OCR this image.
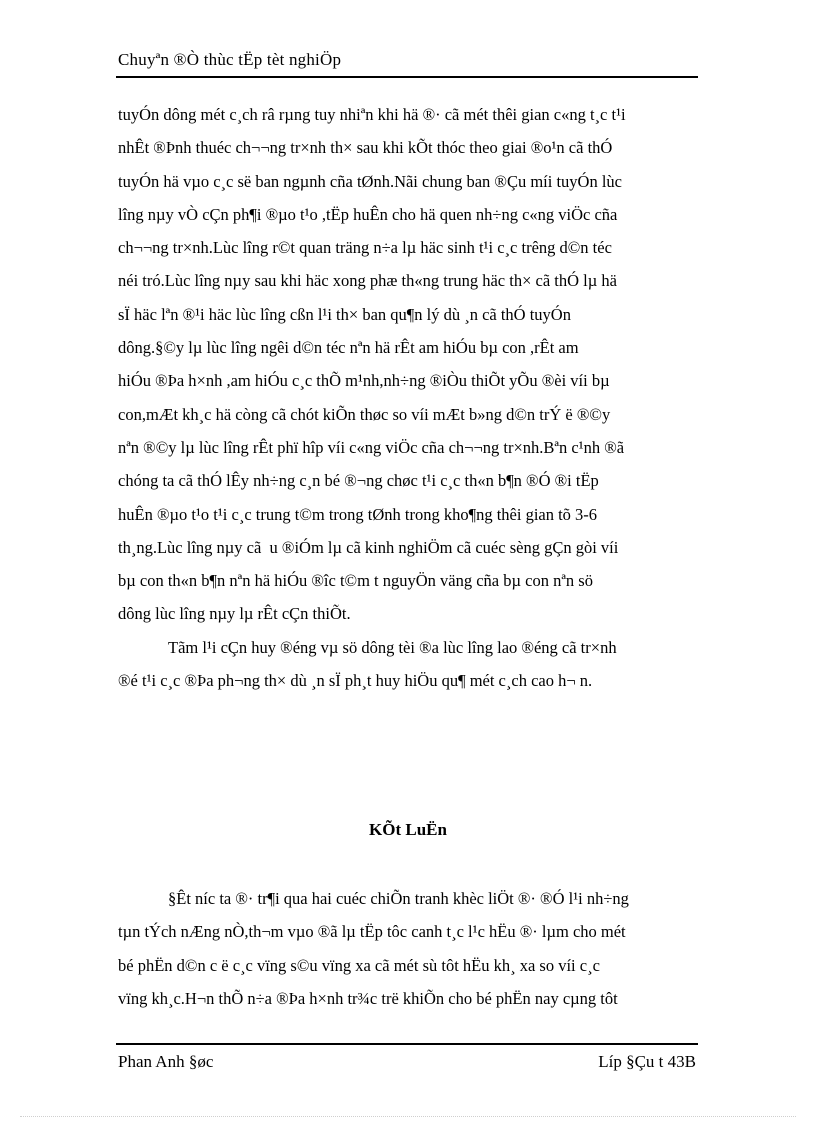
Chuyªn ®Ò thùc tËp tèt nghiÖp
tuyÓn dông mét c¸ch râ rµng tuy nhiªn khi hä ®· cã mét thêi gian c«ng t¸c t¹i
nhÊt ®Þnh thuéc ch¬¬ng tr×nh th× sau khi kÕt thóc theo giai ®o¹n cã thÓ
tuyÓn hä vµo c¸c së ban ngµnh cña tØnh.Nãi chung ban ®Çu míi tuyÓn lùc
lîng nµy vÒ cÇn ph¶i ®µo t¹o ,tËp huÊn cho hä quen nh÷ng c«ng viÖc cña
ch¬¬ng tr×nh.Lùc lîng r©t quan träng n÷a lµ häc sinh t¹i c¸c trêng d©n téc
néi tró.Lùc lîng nµy sau khi häc xong phæ th«ng trung häc th× cã thÓ lµ hä
sÏ häc lªn ®¹i häc lùc lîng cßn l¹i th× ban qu¶n lý dù ¸n cã thÓ tuyÓn
dông.§©y lµ lùc lîng ngêi d©n téc nªn hä rÊt am hiÓu bµ con ,rÊt am
hiÓu ®Þa h×nh ,am hiÓu c¸c thÕ m¹nh,nh÷ng ®iÒu thiÕt yÕu ®èi víi bµ
con,mÆt kh¸c hä còng cã chót kiÕn thøc so víi mÆt b»ng d©n trÝ ë ®©y
nªn ®©y lµ lùc lîng rÊt phï hîp víi c«ng viÖc cña ch¬¬ng tr×nh.Bªn c¹nh ®ã
chóng ta cã thÓ lÊy nh÷ng c¸n bé ®¬ng chøc t¹i c¸c th«n b¶n ®Ó ®i tËp
huÊn ®µo t¹o t¹i c¸c trung t©m trong tØnh trong kho¶ng thêi gian tõ 3-6
th¸ng.Lùc lîng nµy cã u ®iÓm lµ cã kinh nghiÖm cã cuéc sèng gÇn gòi víi
bµ con th«n b¶n nªn hä hiÓu ®îc t©m t nguyÖn väng cña bµ con nªn sö
dông lùc lîng nµy lµ rÊt cÇn thiÕt.
Tãm l¹i cÇn huy ®éng vµ sö dông tèi ®a lùc lîng lao ®éng cã tr×nh
®é t¹i c¸c ®Þa ph¬ng th× dù ¸n sÏ ph¸t huy hiÖu qu¶ mét c¸ch cao h¬ n.
KÕt LuËn
§Êt níc ta ®· tr¶i qua hai cuéc chiÕn tranh khèc liÖt ®· ®Ó l¹i nh÷ng
tµn tÝch nÆng nÒ,th¬m vµo ®ã lµ tËp tôc canh t¸c l¹c hËu ®· lµm cho mét
bé phËn d©n c ë c¸c vïng s©u vïng xa cã mét sù tôt hËu kh¸ xa so víi c¸c
vïng kh¸c.H¬n thÕ n÷a ®Þa h×nh tr¾c trë khiÕn cho bé phËn nay cµng tôt
Phan Anh §øc	Líp §Çu t 43B
